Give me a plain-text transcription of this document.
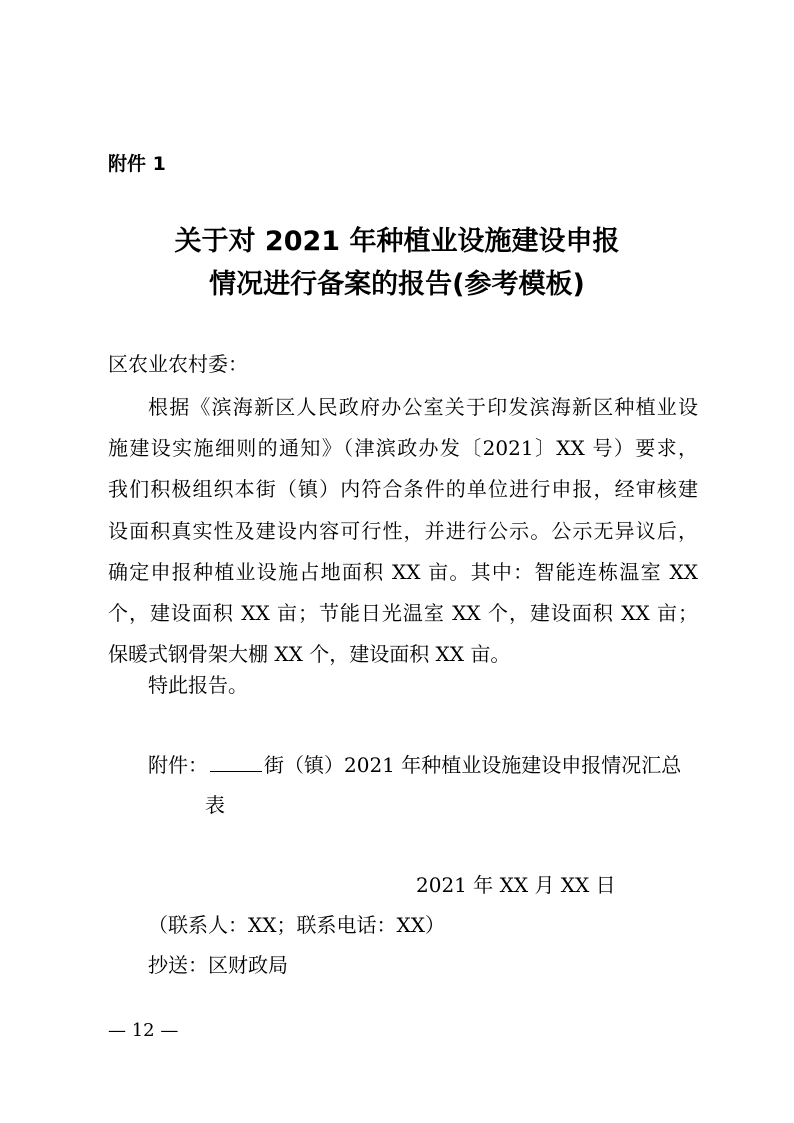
附件 1
关于对 2021 年种植业设施建设申报
情况进行备案的报告(参考模板)
区农业农村委：
根据《滨海新区人民政府办公室关于印发滨海新区种植业设
施建设实施细则的通知》（津滨政办发〔2021〕XX 号）要求，
我们积极组织本街（镇）内符合条件的单位进行申报，经审核建
设面积真实性及建设内容可行性，并进行公示。公示无异议后，
确定申报种植业设施占地面积 XX 亩。其中：智能连栋温室 XX
个，建设面积 XX 亩；节能日光温室 XX 个，建设面积 XX 亩；
保暖式钢骨架大棚 XX 个，建设面积 XX 亩。
特此报告。
附件：	街（镇）2021 年种植业设施建设申报情况汇总
表
2021 年 XX 月 XX 日
（联系人：XX；联系电话：XX）
抄送：区财政局
— 12 —
